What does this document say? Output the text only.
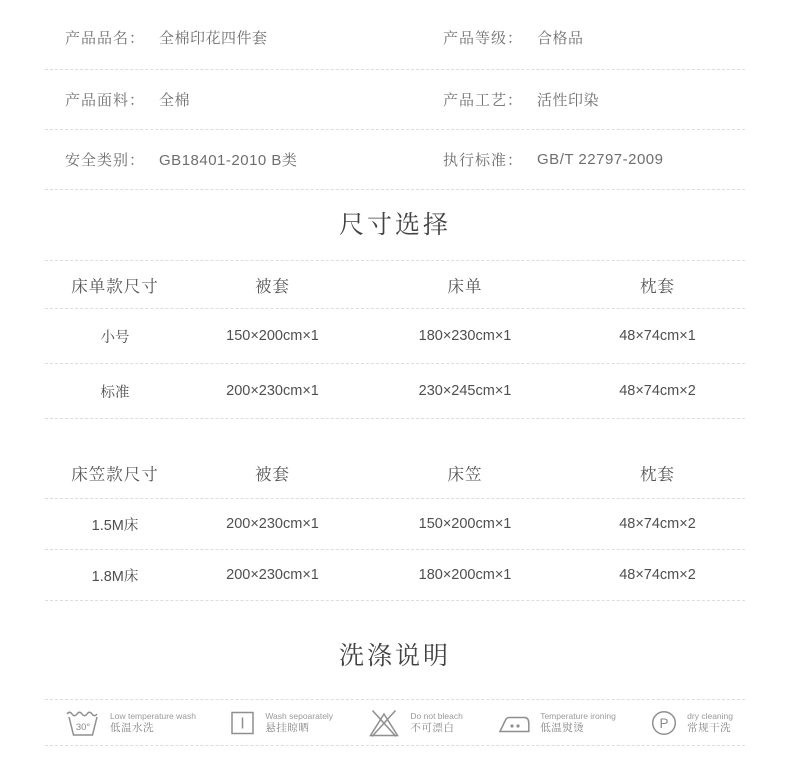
产品品名： 全棉印花四件套	产品等级： 合格品
产品面料： 全棉	产品工艺： 活性印染
安全类别： GB18401-2010 B类	执行标准： GB/T 22797-2009
尺寸选择
床单款尺寸	被套	床单	枕套
小号	150×200cm×1	180×230cm×1	48×74cm×1
标准	200×230cm×1	230×245cm×1	48×74cm×2
床笠款尺寸	被套	床笠	枕套
1.5M床	200×230cm×1	150×200cm×1	48×74cm×2
1.8M床	200×230cm×1	180×200cm×1	48×74cm×2
洗涤说明
30°
Low temperature wash
低温水洗
Wash sepoarately
悬挂晾晒
Do not bleach
不可漂白
Temperature ironing
低温熨烫	P dry cleaning
常规干洗
